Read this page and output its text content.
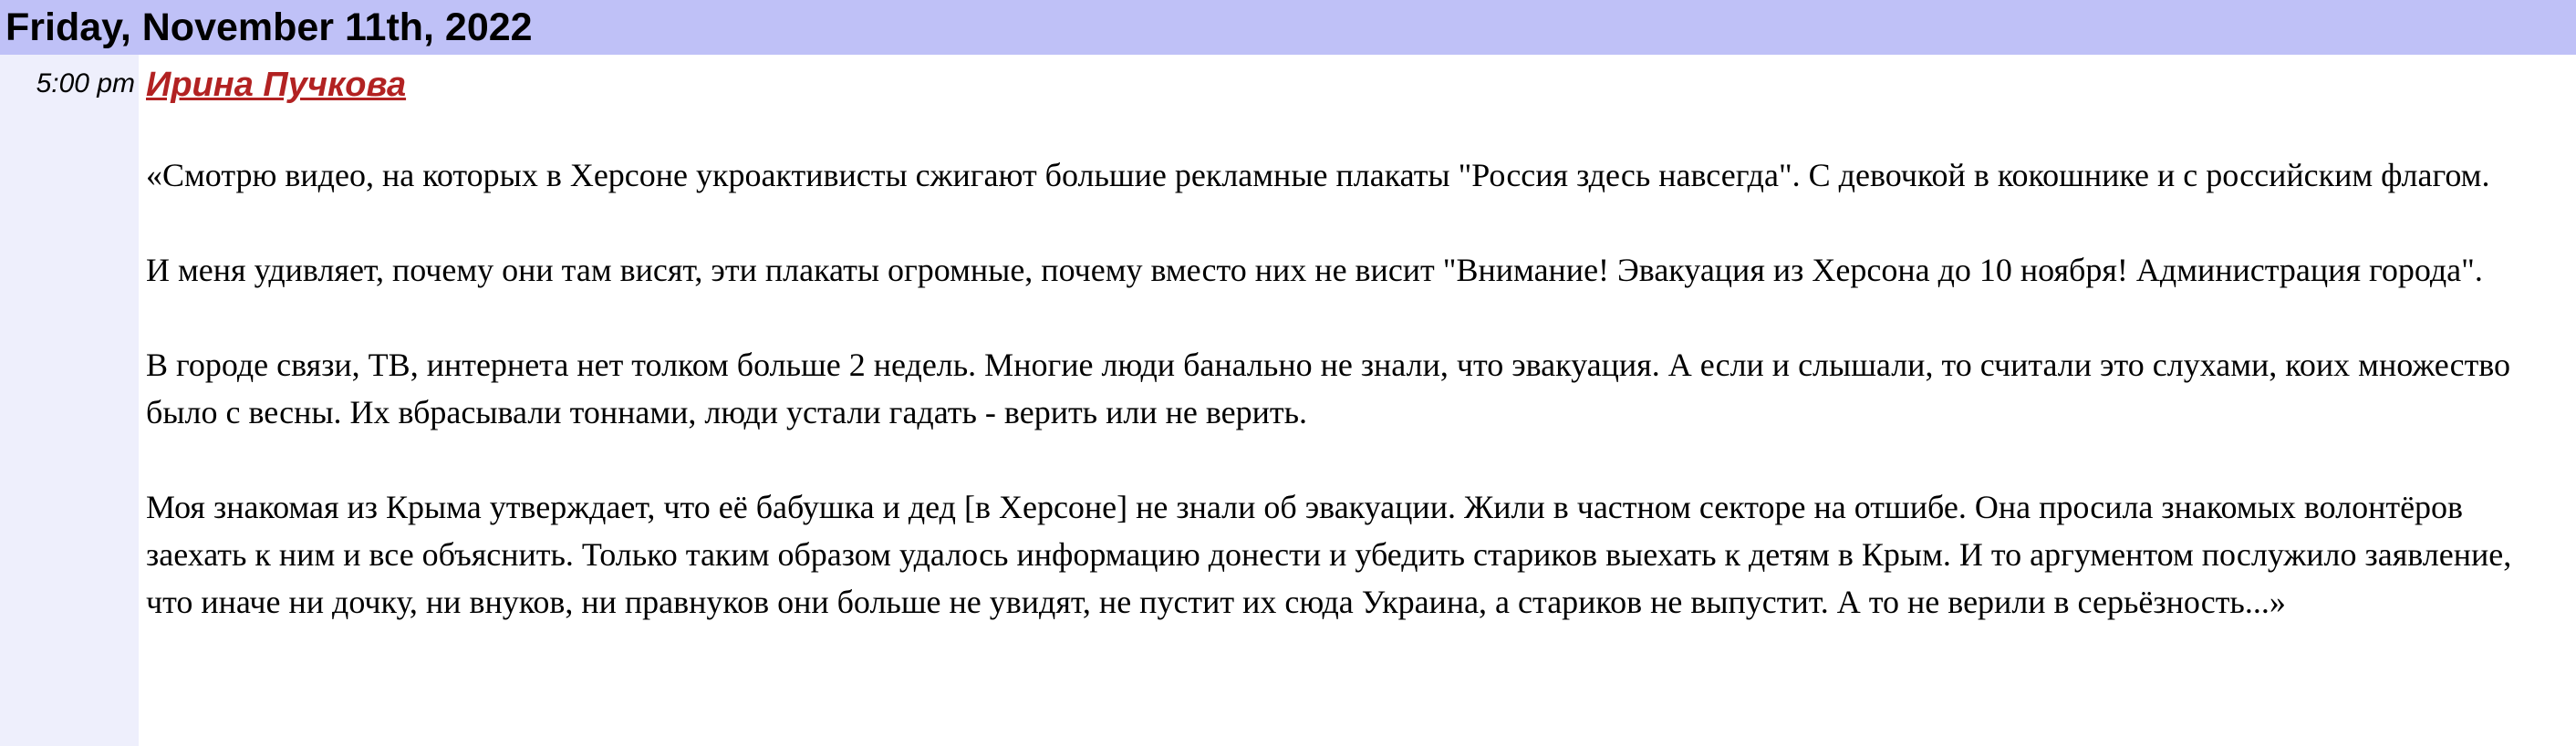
Friday, November 11th, 2022
5:00 pm Ирина Пучкова

«Смотрю видео, на которых в Херсоне укроактивисты сжигают большие рекламные плакаты "Россия здесь навсегда". С девочкой в кокошнике и с российским флагом.

И меня удивляет, почему они там висят, эти плакаты огромные, почему вместо них не висит "Внимание! Эвакуация из Херсона до 10 ноября! Администрация города".

В городе связи, ТВ, интернета нет толком больше 2 недель. Многие люди банально не знали, что эвакуация. А если и слышали, то считали это слухами, коих множество было с весны. Их вбрасывали тоннами, люди устали гадать - верить или не верить.

Моя знакомая из Крыма утверждает, что её бабушка и дед [в Херсоне] не знали об эвакуации. Жили в частном секторе на отшибе. Она просила знакомых волонтёров заехать к ним и все объяснить. Только таким образом удалось информацию донести и убедить стариков выехать к детям в Крым. И то аргументом послужило заявление, что иначе ни дочку, ни внуков, ни правнуков они больше не увидят, не пустит их сюда Украина, а стариков не выпустит. А то не верили в серьёзность...»
